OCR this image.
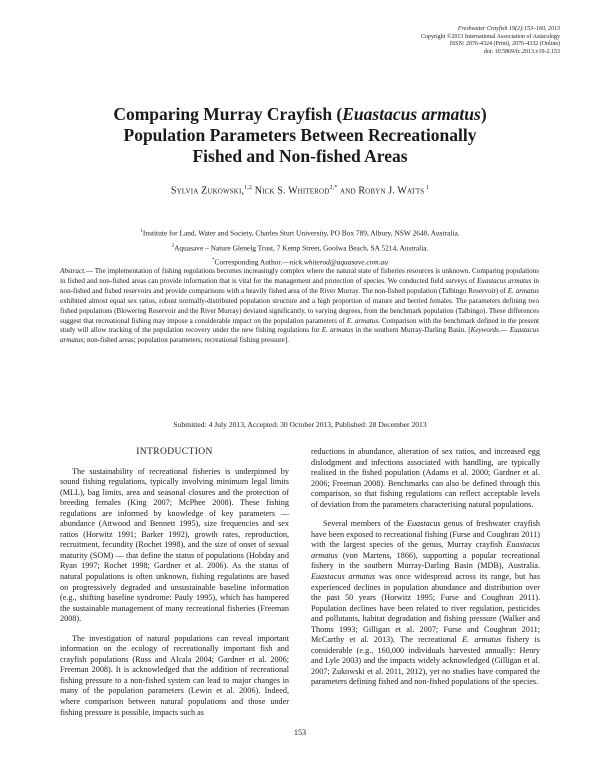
Freshwater Crayfish 19(2):153–160, 2013
Copyright ©2013 International Association of Astacology
ISSN: 2076-4324 (Print), 2076-4332 (Online)
doi: 10.5869/fc.2013.v19-2.153
Comparing Murray Crayfish (Euastacus armatus)
Population Parameters Between Recreationally
Fished and Non-fished Areas
Sylvia Zukowski,$^{1,2}$ Nick S. Whiterod$^{2,*}$ and Robyn J. Watts $^1$
$^1$Institute for Land, Water and Society, Charles Sturt University, PO Box 789, Albury, NSW 2640, Australia.
$^2$Aquasave – Nature Glenelg Trust, 7 Kemp Street, Goolwa Beach, SA 5214, Australia.
*Corresponding Author.—nick.whiterod@aquasave.com.au
Abstract.— The implementation of fishing regulations becomes increasingly complex where the natural state of fisheries resources is unknown. Comparing populations in fished and non-fished areas can provide information that is vital for the management and protection of species. We conducted field surveys of Euastacus armatus in non-fished and fished reservoirs and provide comparisons with a heavily fished area of the River Murray. The non-fished population (Talbingo Reservoir) of E. armatus exhibited almost equal sex ratios, robust normally-distributed population structure and a high proportion of mature and berried females. The parameters defining two fished populations (Blowering Reservoir and the River Murray) deviated significantly, to varying degrees, from the benchmark population (Talbingo). These differences suggest that recreational fishing may impose a considerable impact on the population parameters of E. armatus. Comparison with the benchmark defined in the present study will allow tracking of the population recovery under the new fishing regulations for E. armatus in the southern Murray-Darling Basin. [Keywords.— Euastacus armatus; non-fished areas; population parameters; recreational fishing pressure].
Submitted: 4 July 2013, Accepted: 30 October 2013, Published: 28 December 2013

INTRODUCTION

The sustainability of recreational fisheries is underpinned by sound fishing regulations, typically involving minimum legal limits (MLL), bag limits, area and seasonal closures and the protection of breeding females (King 2007; McPhee 2008). These fishing regulations are informed by knowledge of key parameters — abundance (Attwood and Bennett 1995), size frequencies and sex ratios (Horwitz 1991; Barker 1992), growth rates, reproduction, recruitment, fecundity (Rochet 1998), and the size of onset of sexual maturity (SOM) — that define the status of populations (Hobday and Ryan 1997; Rochet 1998; Gardner et al. 2006). As the status of natural populations is often unknown, fishing regulations are based on progressively degraded and unsustainable baseline information (e.g., shifting baseline syndrome: Pauly 1995), which has hampered the sustainable management of many recreational fisheries (Freeman 2008).

The investigation of natural populations can reveal important information on the ecology of recreationally important fish and crayfish populations (Russ and Alcala 2004; Gardner et al. 2006; Freeman 2008). It is acknowledged that the addition of recreational fishing pressure to a non-fished system can lead to major changes in many of the population parameters (Lewin et al. 2006). Indeed, where comparison between natural populations and those under fishing pressure is possible, impacts such as

reductions in abundance, alteration of sex ratios, and increased egg dislodgment and infections associated with handling, are typically realised in the fished population (Adams et al. 2000; Gardner et al. 2006; Freeman 2008). Benchmarks can also be defined through this comparison, so that fishing regulations can reflect acceptable levels of deviation from the parameters characterising natural populations.

Several members of the Euastacus genus of freshwater crayfish have been exposed to recreational fishing (Furse and Coughran 2011) with the largest species of the genus, Murray crayfish Euastacus armatus (von Martens, 1866), supporting a popular recreational fishery in the southern Murray-Darling Basin (MDB), Australia. Euastacus armatus was once widespread across its range, but has experienced declines in population abundance and distribution over the past 50 years (Horwitz 1995; Furse and Coughran 2011). Population declines have been related to river regulation, pesticides and pollutants, habitat degradation and fishing pressure (Walker and Thoms 1993; Gilligan et al. 2007; Furse and Coughran 2011; McCarthy et al. 2013). The recreational E. armatus fishery is considerable (e.g., 160,000 individuals harvested annually: Henry and Lyle 2003) and the impacts widely acknowledged (Gilligan et al. 2007; Zukowski et al. 2011, 2012), yet no studies have compared the parameters defining fished and non-fished populations of the species.

153
